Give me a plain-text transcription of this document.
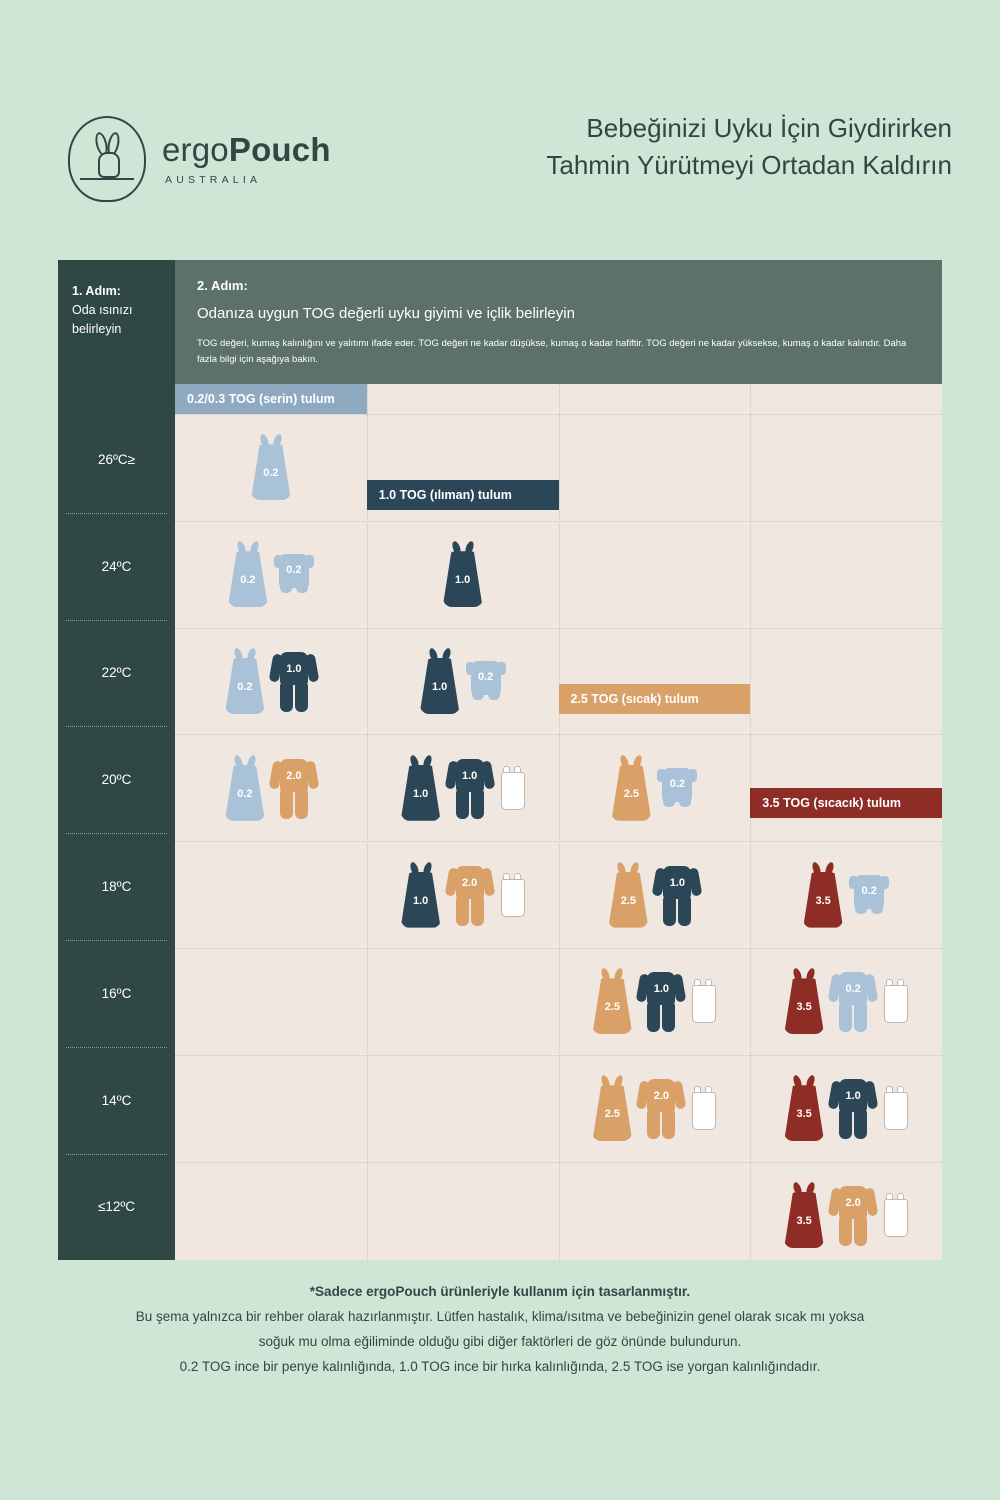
ergoPouch
AUSTRALIA
Bebeğinizi Uyku İçin Giydirirken
Tahmin Yürütmeyi Ortadan Kaldırın
1. Adım:
Oda ısınızı
belirleyin
26ºC≥
24ºC
22ºC
20ºC
18ºC
16ºC
14ºC
≤12ºC
2. Adım:
Odanıza uygun TOG değerli uyku giyimi ve içlik belirleyin
TOG değeri, kumaş kalınlığını ve yalıtımı ifade eder. TOG değeri ne kadar düşükse, kumaş o kadar hafiftir. TOG değeri ne kadar yüksekse, kumaş o kadar kalındır. Daha fazla bilgi için aşağıya bakın.
0.2/0.3 TOG (serin) tulum
1.0 TOG (ılıman) tulum
2.5 TOG (sıcak) tulum
3.5 TOG (sıcacık) tulum
0.2
0.2
0.2
1.0
0.2
1.0
1.0
0.2
0.2
2.0
1.0
1.0
2.5
0.2
1.0
2.0
2.5
1.0
3.5
0.2
2.5
1.0
3.5
0.2
2.5
2.0
3.5
1.0
3.5
2.0
*Sadece ergoPouch ürünleriyle kullanım için tasarlanmıştır.
Bu şema yalnızca bir rehber olarak hazırlanmıştır. Lütfen hastalık, klima/ısıtma ve bebeğinizin genel olarak sıcak mı yoksa
soğuk mu olma eğiliminde olduğu gibi diğer faktörleri de göz önünde bulundurun.
0.2 TOG ince bir penye kalınlığında, 1.0 TOG ince bir hırka kalınlığında, 2.5 TOG ise yorgan kalınlığındadır.
